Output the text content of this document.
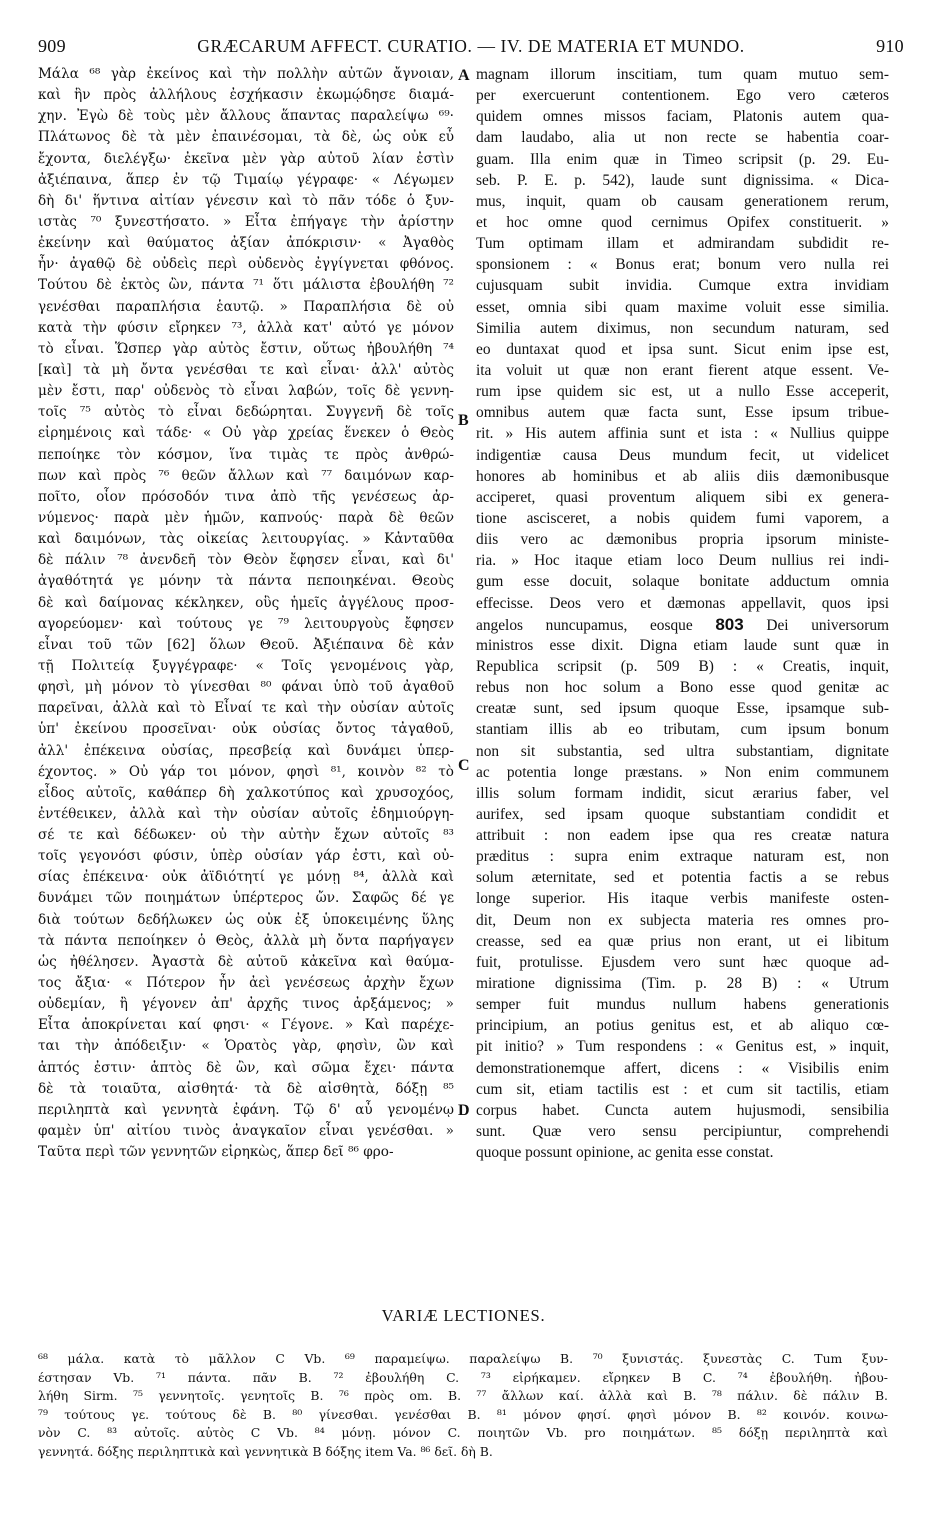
909	GRÆCARUM AFFECT. CURATIO. — IV. DE MATERIA ET MUNDO.	910
Μάλα ⁶⁸ γὰρ ἐκείνος καὶ τὴν πολλὴν αὐτῶν ἄγνοιαν,
καὶ ἣν πρὸς ἀλλήλους ἐσχήκασιν ἐκωμῴδησε διαμά-
χην. Ἐγὼ δὲ τοὺς μὲν ἄλλους ἅπαντας παραλείψω ⁶⁹·
Πλάτωνος δὲ τὰ μὲν ἐπαινέσομαι, τὰ δὲ, ὡς οὐκ εὖ
ἔχοντα, διελέγξω· ἐκεῖνα μὲν γὰρ αὐτοῦ λίαν ἐστὶν
ἀξιέπαινα, ἅπερ ἐν τῷ Τιμαίῳ γέγραφε· « Λέγωμεν
δὴ δι' ἥντινα αἰτίαν γένεσιν καὶ τὸ πᾶν τόδε ὁ ξυν-
ιστὰς ⁷⁰ ξυνεστήσατο. » Εἶτα ἐπήγαγε τὴν ἀρίστην
ἐκείνην καὶ θαύματος ἀξίαν ἀπόκρισιν· « Ἀγαθὸς
ἦν· ἀγαθῷ δὲ οὐδεὶς περὶ οὐδενὸς ἐγγίγνεται φθόνος.
Τούτου δὲ ἐκτὸς ὢν, πάντα ⁷¹ ὅτι μάλιστα ἐβουλήθη ⁷²
γενέσθαι παραπλήσια ἑαυτῷ. » Παραπλήσια δὲ οὐ
κατὰ τὴν φύσιν εἴρηκεν ⁷³, ἀλλὰ κατ' αὐτό γε μόνον
τὸ εἶναι. Ὥσπερ γὰρ αὐτὸς ἔστιν, οὕτως ἠβουλήθη ⁷⁴
[καὶ] τὰ μὴ ὄντα γενέσθαι τε καὶ εἶναι· ἀλλ' αὐτὸς
μὲν ἔστι, παρ' οὐδενὸς τὸ εἶναι λαβών, τοῖς δὲ γεννη-
τοῖς ⁷⁵ αὐτὸς τὸ εἶναι δεδώρηται. Συγγενῆ δὲ τοῖς
εἰρημένοις καὶ τάδε· « Οὐ γὰρ χρείας ἕνεκεν ὁ Θεὸς
πεποίηκε τὸν κόσμον, ἵνα τιμὰς τε πρὸς ἀνθρώ-
πων καὶ πρὸς ⁷⁶ θεῶν ἄλλων καὶ ⁷⁷ δαιμόνων καρ-
ποῖτο, οἷον πρόσοδόν τινα ἀπὸ τῆς γενέσεως ἀρ-
νύμενος· παρὰ μὲν ἡμῶν, καπνούς· παρὰ δὲ θεῶν
καὶ δαιμόνων, τὰς οἰκείας λειτουργίας. » Κἀνταῦθα
δὲ πάλιν ⁷⁸ ἀνενδεῆ τὸν Θεὸν ἔφησεν εἶναι, καὶ δι'
ἀγαθότητά γε μόνην τὰ πάντα πεποιηκέναι. Θεοὺς
δὲ καὶ δαίμονας κέκληκεν, οὓς ἡμεῖς ἀγγέλους προσ-
αγορεύομεν· καὶ τούτους γε ⁷⁹ λειτουργοὺς ἔφησεν
εἶναι τοῦ τῶν [62] ὅλων Θεοῦ. Ἀξιέπαινα δὲ κἀν
τῇ Πολιτείᾳ ξυγγέγραφε· « Τοῖς γενομένοις γὰρ,
φησὶ, μὴ μόνον τὸ γίνεσθαι ⁸⁰ φάναι ὑπὸ τοῦ ἀγαθοῦ
παρεῖναι, ἀλλὰ καὶ τὸ Εἶναί τε καὶ τὴν οὐσίαν αὐτοῖς
ὑπ' ἐκείνου προσεῖναι· οὐκ οὐσίας ὄντος τἀγαθοῦ,
ἀλλ' ἐπέκεινα οὐσίας, πρεσβείᾳ καὶ δυνάμει ὑπερ-
έχοντος. » Οὐ γάρ τοι μόνον, φησὶ ⁸¹, κοινὸν ⁸² τὸ
εἶδος αὐτοῖς, καθάπερ δὴ χαλκοτύπος καὶ χρυσοχόος,
ἐντέθεικεν, ἀλλὰ καὶ τὴν οὐσίαν αὐτοῖς ἐδημιούργη-
σέ τε καὶ δέδωκεν· οὐ τὴν αὐτὴν ἔχων αὐτοῖς ⁸³
τοῖς γεγονόσι φύσιν, ὑπὲρ οὐσίαν γάρ ἐστι, καὶ οὐ-
σίας ἐπέκεινα· οὐκ ἀϊδιότητί γε μόνῃ ⁸⁴, ἀλλὰ καὶ
δυνάμει τῶν ποιημάτων ὑπέρτερος ὤν. Σαφῶς δέ γε
διὰ τούτων δεδήλωκεν ὡς οὐκ ἐξ ὑποκειμένης ὕλης
τὰ πάντα πεποίηκεν ὁ Θεὸς, ἀλλὰ μὴ ὄντα παρήγαγεν
ὡς ἠθέλησεν. Ἀγαστὰ δὲ αὐτοῦ κἀκεῖνα καὶ θαύμα-
τος ἄξια· « Πότερον ἦν ἀεὶ γενέσεως ἀρχὴν ἔχων
οὐδεμίαν, ἢ γέγονεν ἀπ' ἀρχῆς τινος ἀρξάμενος; »
Εἶτα ἀποκρίνεται καί φησι· « Γέγονε. » Καὶ παρέχε-
ται τὴν ἀπόδειξιν· « Ὁρατὸς γὰρ, φησὶν, ὢν καὶ
ἁπτός ἐστιν· ἁπτὸς δὲ ὢν, καὶ σῶμα ἔχει· πάντα
δὲ τὰ τοιαῦτα, αἰσθητά· τὰ δὲ αἰσθητὰ, δόξῃ ⁸⁵
περιληπτὰ καὶ γεννητὰ ἐφάνη. Τῷ δ' αὖ γενομένῳ
φαμὲν ὑπ' αἰτίου τινὸς ἀναγκαῖον εἶναι γενέσθαι. »
Ταῦτα περὶ τῶν γεννητῶν εἰρηκὼς, ἅπερ δεῖ ⁸⁶ φρο-
magnam illorum inscitiam, tum quam mutuo sem-
per exercuerunt contentionem. Ego vero cæteros
quidem omnes missos faciam, Platonis autem qua-
dam laudabo, alia ut non recte se habentia coar-
guam. Illa enim quæ in Timeo scripsit (p. 29. Eu-
seb. P. E. p. 542), laude sunt dignissima. « Dica-
mus, inquit, quam ob causam generationem rerum,
et hoc omne quod cernimus Opifex constituerit. »
Tum optimam illam et admirandam subdidit re-
sponsionem : « Bonus erat; bonum vero nulla rei
cujusquam subit invidia. Cumque extra invidiam
esset, omnia sibi quam maxime voluit esse similia.
Similia autem diximus, non secundum naturam, sed
eo duntaxat quod et ipsa sunt. Sicut enim ipse est,
ita voluit ut quæ non erant fierent atque essent. Ve-
rum ipse quidem sic est, ut a nullo Esse acceperit,
omnibus autem quæ facta sunt, Esse ipsum tribue-
rit. » His autem affinia sunt et ista : « Nullius quippe
indigentiæ causa Deus mundum fecit, ut videlicet
honores ab hominibus et ab aliis diis dæmonibusque
acciperet, quasi proventum aliquem sibi ex genera-
tione ascisceret, a nobis quidem fumi vaporem, a
diis vero ac dæmonibus propria ipsorum ministe-
ria. » Hoc itaque etiam loco Deum nullius rei indi-
gum esse docuit, solaque bonitate adductum omnia
effecisse. Deos vero et dæmonas appellavit, quos ipsi
angelos nuncupamus, eosque 803 Dei universorum
ministros esse dixit. Digna etiam laude sunt quæ in
Republica scripsit (p. 509 B) : « Creatis, inquit,
rebus non hoc solum a Bono esse quod genitæ ac
creatæ sunt, sed ipsum quoque Esse, ipsamque sub-
stantiam illis ab eo tributam, cum ipsum bonum
non sit substantia, sed ultra substantiam, dignitate
ac potentia longe præstans. » Non enim communem
illis solum formam indidit, sicut ærarius faber, vel
aurifex, sed ipsam quoque substantiam condidit et
attribuit : non eadem ipse qua res creatæ natura
præditus : supra enim extraque naturam est, non
solum æternitate, sed et potentia factis a se rebus
longe superior. His itaque verbis manifeste osten-
dit, Deum non ex subjecta materia res omnes pro-
creasse, sed ea quæ prius non erant, ut ei libitum
fuit, protulisse. Ejusdem vero sunt hæc quoque ad-
miratione dignissima (Tim. p. 28 B) : « Utrum
semper fuit mundus nullum habens generationis
principium, an potius genitus est, et ab aliquo cœ-
pit initio? » Tum respondens : « Genitus est, » inquit,
demonstrationemque affert, dicens : « Visibilis enim
cum sit, etiam tactilis est : et cum sit tactilis, etiam
corpus habet. Cuncta autem hujusmodi, sensibilia
sunt. Quæ vero sensu percipiuntur, comprehendi
quoque possunt opinione, ac genita esse constat.
A
B
C
D
VARIÆ LECTIONES.
⁶⁸ μάλα. κατὰ τὸ μᾶλλον C Vb. ⁶⁹ παραμείψω. παραλείψω B. ⁷⁰ ξυνιστάς. ξυνεστὰς C. Tum ξυν-
έστησαν Vb. ⁷¹ πάντα. πᾶν B. ⁷² ἐβουλήθη C. ⁷³ εἰρήκαμεν. εἴρηκεν B C. ⁷⁴ ἐβουλήθη. ἠβου-
λήθη Sirm. ⁷⁵ γεννητοῖς. γενητοῖς B. ⁷⁶ πρὸς om. B. ⁷⁷ ἄλλων καί. ἀλλὰ καὶ B. ⁷⁸ πάλιν. δὲ πάλιν B.
⁷⁹ τούτους γε. τούτους δὲ B. ⁸⁰ γίνεσθαι. γενέσθαι B. ⁸¹ μόνον φησί. φησὶ μόνον B. ⁸² κοινόν. κοινω-
νὸν C. ⁸³ αὐτοῖς. αὐτὸς C Vb. ⁸⁴ μόνῃ. μόνον C. ποιητῶν Vb. pro ποιημάτων. ⁸⁵ δόξῃ περιληπτὰ καὶ
γεννητά. δόξης περιληπτικὰ καὶ γεννητικὰ B δόξης item Va. ⁸⁶ δεῖ. δὴ B.
